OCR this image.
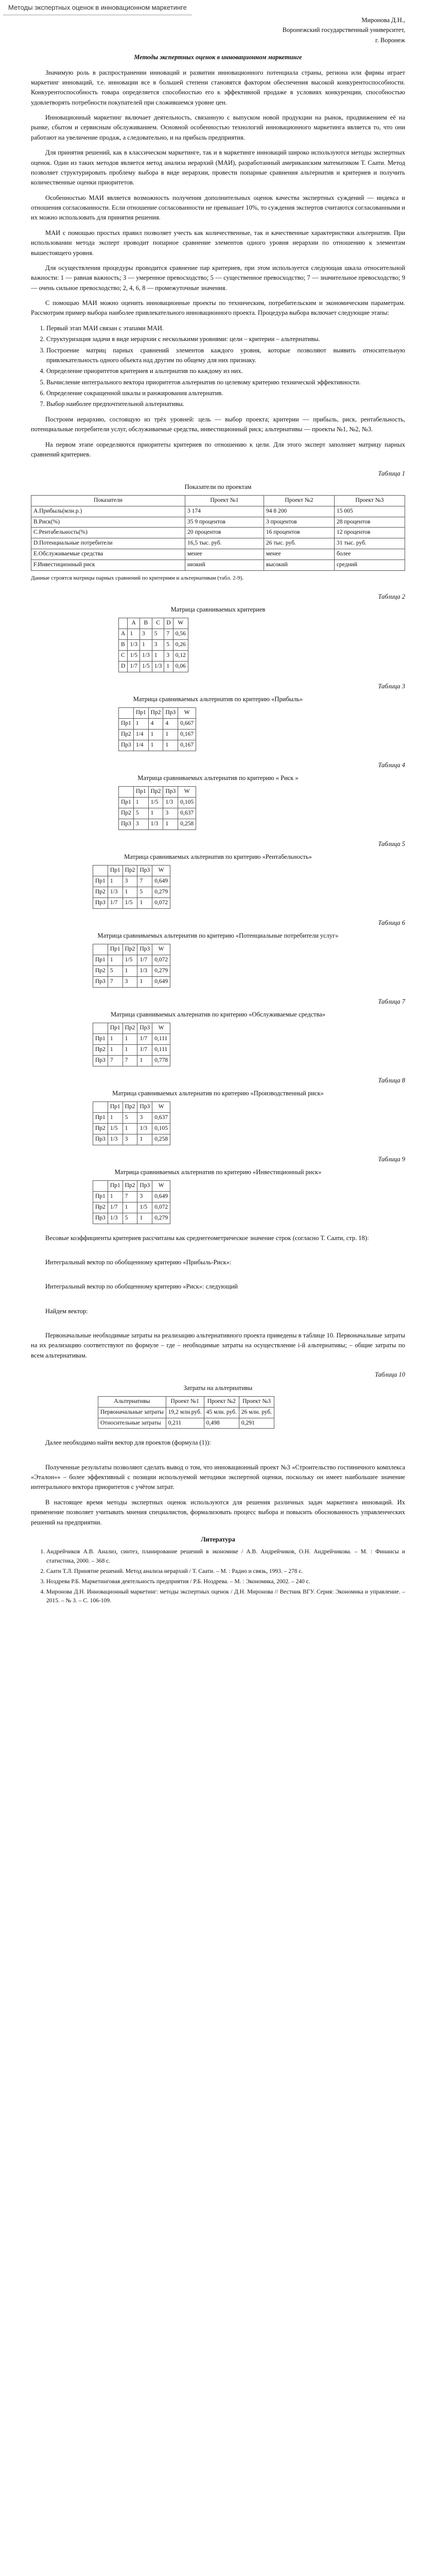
Методы экспертных оценок в инновационном маркетинге
Миронова Д.Н.,
Воронежский государственный университет,
г. Воронеж

Методы экспертных оценок в инновационном маркетинге

Значимую роль в распространении инноваций и развитии инновационного потенциала страны, региона или фирмы играет маркетинг инноваций, т.е. инновации все в большей степени становятся фактором обеспечения высокой конкурентоспособности. Конкурентоспособность товара определяется способностью его к эффективной продаже в условиях конкуренции, способностью удовлетворять потребности покупателей при сложившемся уровне цен.

Инновационный маркетинг включает деятельность, связанную с выпуском новой продукции на рынок, продвижением её на рынке, сбытом и сервисным обслуживанием. Основной особенностью технологий инновационного маркетинга является то, что они работают на увеличение продаж, а следовательно, и на прибыль предприятия.

Для принятия решений, как в классическом маркетинге, так и в маркетинге инноваций широко используются методы экспертных оценок. Один из таких методов является метод анализа иерархий (МАИ), разработанный американским математиком Т. Саати. Метод позволяет структурировать проблему выбора в виде иерархии, провести попарные сравнения альтернатив и критериев и получить количественные оценки приоритетов.

Особенностью МАИ является возможность получения дополнительных оценок качества экспертных суждений — индекса и отношения согласованности. Если отношение согласованности не превышает 10%, то суждения экспертов считаются согласованными и их можно использовать для принятия решения.

МАИ с помощью простых правил позволяет учесть как количественные, так и качественные характеристики альтернатив. При использовании метода эксперт проводит попарное сравнение элементов одного уровня иерархии по отношению к элементам вышестоящего уровня.

Для осуществления процедуры проводится сравнение пар критериев, при этом используется следующая шкала относительной важности: 1 — равная важность; 3 — умеренное превосходство; 5 — существенное превосходство; 7 — значительное превосходство; 9 — очень сильное превосходство; 2, 4, 6, 8 — промежуточные значения.

С помощью МАИ можно оценить инновационные проекты по техническим, потребительским и экономическим параметрам. Рассмотрим пример выбора наиболее привлекательного инновационного проекта. Процедура выбора включает следующие этапы:

1. Первый этап МАИ связан с этапами МАИ.
2. Структуризация задачи в виде иерархии с несколькими уровнями: цели – критерии – альтернативы.
3. Построение матриц парных сравнений элементов каждого уровня, которые позволяют выявить относительную привлекательность одного объекта над другим по общему для них признаку.
4. Определение приоритетов критериев и альтернатив по каждому из них.
5. Вычисление интегрального вектора приоритетов альтернатив по целевому критерию технической эффективности.
6. Определение сокращенной шкалы и ранжирования альтернатив.
7. Выбор наиболее предпочтительной альтернативы.

Построим иерархию, состоящую из трёх уровней: цель — выбор проекта; критерии — прибыль, риск, рентабельность, потенциальные потребители услуг, обслуживаемые средства, инвестиционный риск; альтернативы — проекты №1, №2, №3.

На первом этапе определяются приоритеты критериев по отношению к цели. Для этого эксперт заполняет матрицу парных сравнений критериев.

Таблица 1
Показатели по проектам
Показатели	Проект №1	Проект №2	Проект №3
А.Прибыль(млн.р.)	3 174	94 8 200	15 005
В.Риск(%)	35 9 процентов	3 процентов	28 процентов
С.Рентабельность(%)	20 процентов	16 процентов	12 процентов
D.Потенциальные потребители	16,5 тыс. руб.	26 тыс. руб.	31 тыс. руб.
E.Обслуживаемые средства	менее	менее	более
F.Инвестиционный риск	низкий	высокий	средний

Данные строятся матрицы парных сравнений по критериям и альтернативам (табл. 2-9).

Таблица 2
Матрица сравниваемых критериев
	A	B	C	D	W
A	1	3	5	7	0,56
B	1/3	1	3	5	0,26
C	1/5	1/3	1	3	0,12
D	1/7	1/5	1/3	1	0,06
Таблица 3
Матрица сравниваемых альтернатив по критерию «Прибыль»
	Пр1	Пр2	Пр3	W
Пр1	1	4	4	0,667
Пр2	1/4	1	1	0,167
Пр3	1/4	1	1	0,167
Таблица 4
Матрица сравниваемых альтернатив по критерию « Риск »
	Пр1	Пр2	Пр3	W
Пр1	1	1/5	1/3	0,105
Пр2	5	1	3	0,637
Пр3	3	1/3	1	0,258
Таблица 5
Матрица сравниваемых альтернатив по критерию «Рентабельность»
	Пр1	Пр2	Пр3	W
Пр1	1	3	7	0,649
Пр2	1/3	1	5	0,279
Пр3	1/7	1/5	1	0,072
Таблица 6
Матрица сравниваемых альтернатив по критерию «Потенциальные потребители услуг»
	Пр1	Пр2	Пр3	W
Пр1	1	1/5	1/7	0,072
Пр2	5	1	1/3	0,279
Пр3	7	3	1	0,649
Таблица 7
Матрица сравниваемых альтернатив по критерию «Обслуживаемые средства»
	Пр1	Пр2	Пр3	W
Пр1	1	1	1/7	0,111
Пр2	1	1	1/7	0,111
Пр3	7	7	1	0,778
Таблица 8
Матрица сравниваемых альтернатив по критерию «Производственный риск»
	Пр1	Пр2	Пр3	W
Пр1	1	5	3	0,637
Пр2	1/5	1	1/3	0,105
Пр3	1/3	3	1	0,258
Таблица 9
Матрица сравниваемых альтернатив по критерию «Инвестиционный риск»
	Пр1	Пр2	Пр3	W
Пр1	1	7	3	0,649
Пр2	1/7	1	1/5	0,072
Пр3	1/3	5	1	0,279

Весовые коэффициенты критериев рассчитаны как среднегеометрическое значение строк (согласно Т. Саати, стр. 18):

Интегральный вектор по обобщенному критерию «Прибыль-Риск»:

Интегральный вектор по обобщенному критерию «Риск»: следующий

Найдем вектор:

Первоначальные необходимые затраты на реализацию альтернативного проекта приведены в таблице 10. Первоначальные затраты на их реализацию соответствуют по формуле – где – необходимые затраты на осуществление i-й альтернативы; – общие затраты по всем альтернативам.

Таблица 10
Затраты на альтернативы
Альтернативы	Проект №1	Проект №2	Проект №3
Первоначальные затраты	19,2 млн.руб.	45 млн. руб.	26 млн. руб.
Относительные затраты	0,211	0,498	0,291

Далее необходимо найти вектор для проектов (формула (1)):

Полученные результаты позволяют сделать вывод о том, что инновационный проект №3 «Строительство гостиничного комплекса «Эталон»» – более эффективный с позиции используемой методики экспертной оценки, поскольку он имеет наибольшее значение интегрального вектора приоритетов с учётом затрат.

В настоящее время методы экспертных оценок используются для решения различных задач маркетинга инноваций. Их применение позволяет учитывать мнения специалистов, формализовать процесс выбора и повысить обоснованность управленческих решений на предприятии.

Литература
1. Андрейчиков А.В. Анализ, синтез, планирование решений в экономике / А.В. Андрейчиков, О.Н. Андрейчикова. – М. : Финансы и статистика, 2000. – 368 с.
2. Саати Т.Л. Принятие решений. Метод анализа иерархий / Т. Саати. – М. : Радио и связь, 1993. – 278 с.
3. Ноздрева Р.Б. Маркетинговая деятельность предприятия / Р.Б. Ноздрева. – М. : Экономика, 2002. – 240 с.
4. Миронова Д.Н. Инновационный маркетинг: методы экспертных оценок / Д.Н. Миронова // Вестник ВГУ. Серия: Экономика и управление. – 2015. – № 3. – С. 106-109.
